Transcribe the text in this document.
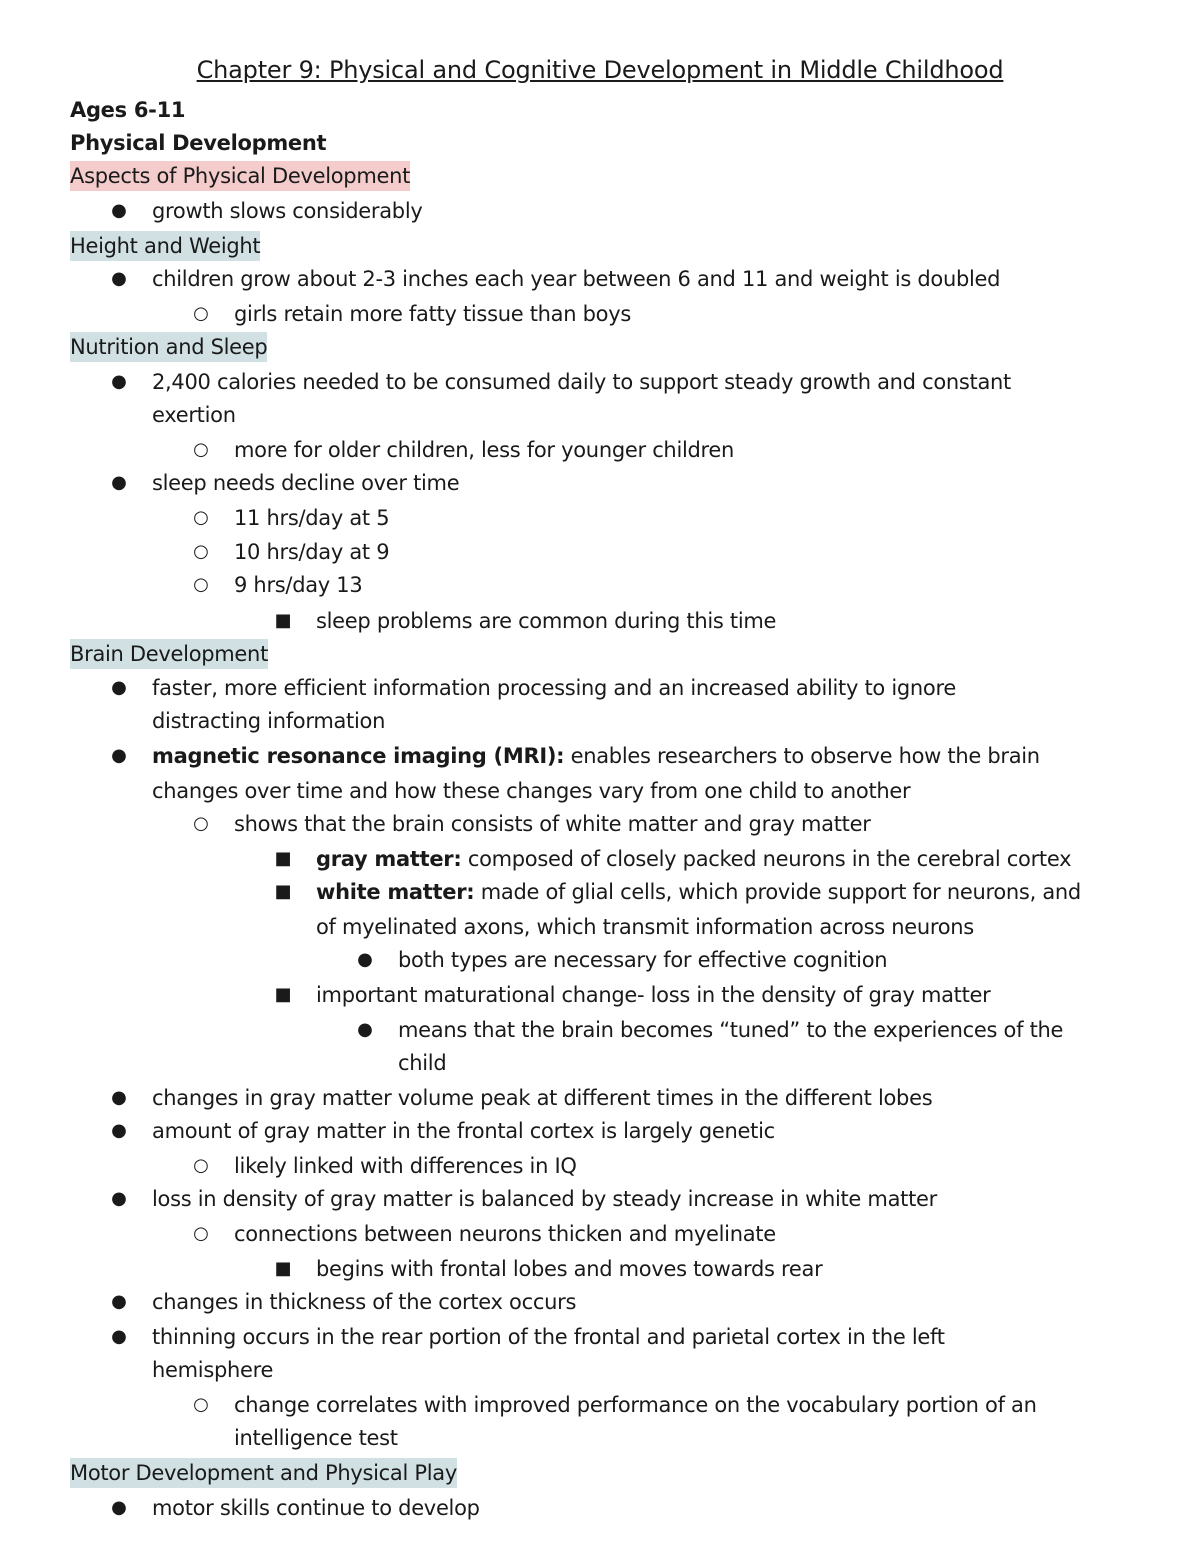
Chapter 9: Physical and Cognitive Development in Middle Childhood
Ages 6-11
Physical Development
Aspects of Physical Development
● growth slows considerably
Height and Weight
● children grow about 2-3 inches each year between 6 and 11 and weight is doubled
○ girls retain more fatty tissue than boys
Nutrition and Sleep
● 2,400 calories needed to be consumed daily to support steady growth and constant
exertion
○ more for older children, less for younger children
● sleep needs decline over time
○ 11 hrs/day at 5
○ 10 hrs/day at 9
○ 9 hrs/day 13
■ sleep problems are common during this time
Brain Development
● faster, more efficient information processing and an increased ability to ignore
distracting information
● magnetic resonance imaging (MRI): enables researchers to observe how the brain
changes over time and how these changes vary from one child to another
○ shows that the brain consists of white matter and gray matter
■ gray matter: composed of closely packed neurons in the cerebral cortex
■ white matter: made of glial cells, which provide support for neurons, and
of myelinated axons, which transmit information across neurons
● both types are necessary for effective cognition
■ important maturational change- loss in the density of gray matter
● means that the brain becomes “tuned” to the experiences of the
child
● changes in gray matter volume peak at different times in the different lobes
● amount of gray matter in the frontal cortex is largely genetic
○ likely linked with differences in IQ
● loss in density of gray matter is balanced by steady increase in white matter
○ connections between neurons thicken and myelinate
■ begins with frontal lobes and moves towards rear
● changes in thickness of the cortex occurs
● thinning occurs in the rear portion of the frontal and parietal cortex in the left
hemisphere
○ change correlates with improved performance on the vocabulary portion of an
intelligence test
Motor Development and Physical Play
● motor skills continue to develop
